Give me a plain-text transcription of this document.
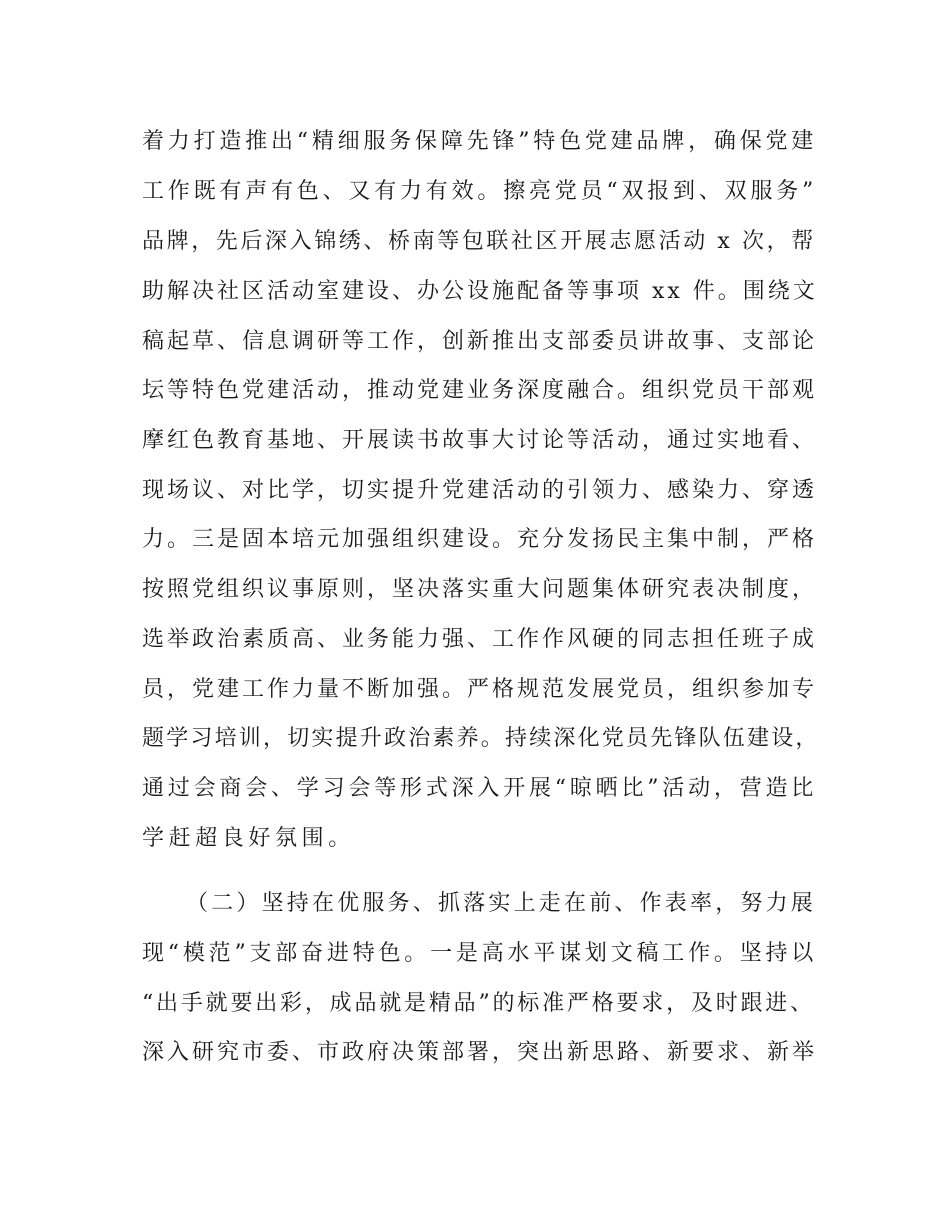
着力打造推出“精细服务保障先锋”特色党建品牌，确保党建
工作既有声有色、又有力有效。擦亮党员“双报到、双服务”
品牌，先后深入锦绣、桥南等包联社区开展志愿活动 x 次，帮
助解决社区活动室建设、办公设施配备等事项 xx 件。围绕文
稿起草、信息调研等工作，创新推出支部委员讲故事、支部论
坛等特色党建活动，推动党建业务深度融合。组织党员干部观
摩红色教育基地、开展读书故事大讨论等活动，通过实地看、
现场议、对比学，切实提升党建活动的引领力、感染力、穿透
力。三是固本培元加强组织建设。充分发扬民主集中制，严格
按照党组织议事原则，坚决落实重大问题集体研究表决制度，
选举政治素质高、业务能力强、工作作风硬的同志担任班子成
员，党建工作力量不断加强。严格规范发展党员，组织参加专
题学习培训，切实提升政治素养。持续深化党员先锋队伍建设，
通过会商会、学习会等形式深入开展“晾晒比”活动，营造比
学赶超良好氛围。
（二）坚持在优服务、抓落实上走在前、作表率，努力展
现“模范”支部奋进特色。一是高水平谋划文稿工作。坚持以
“出手就要出彩，成品就是精品”的标准严格要求，及时跟进、
深入研究市委、市政府决策部署，突出新思路、新要求、新举
